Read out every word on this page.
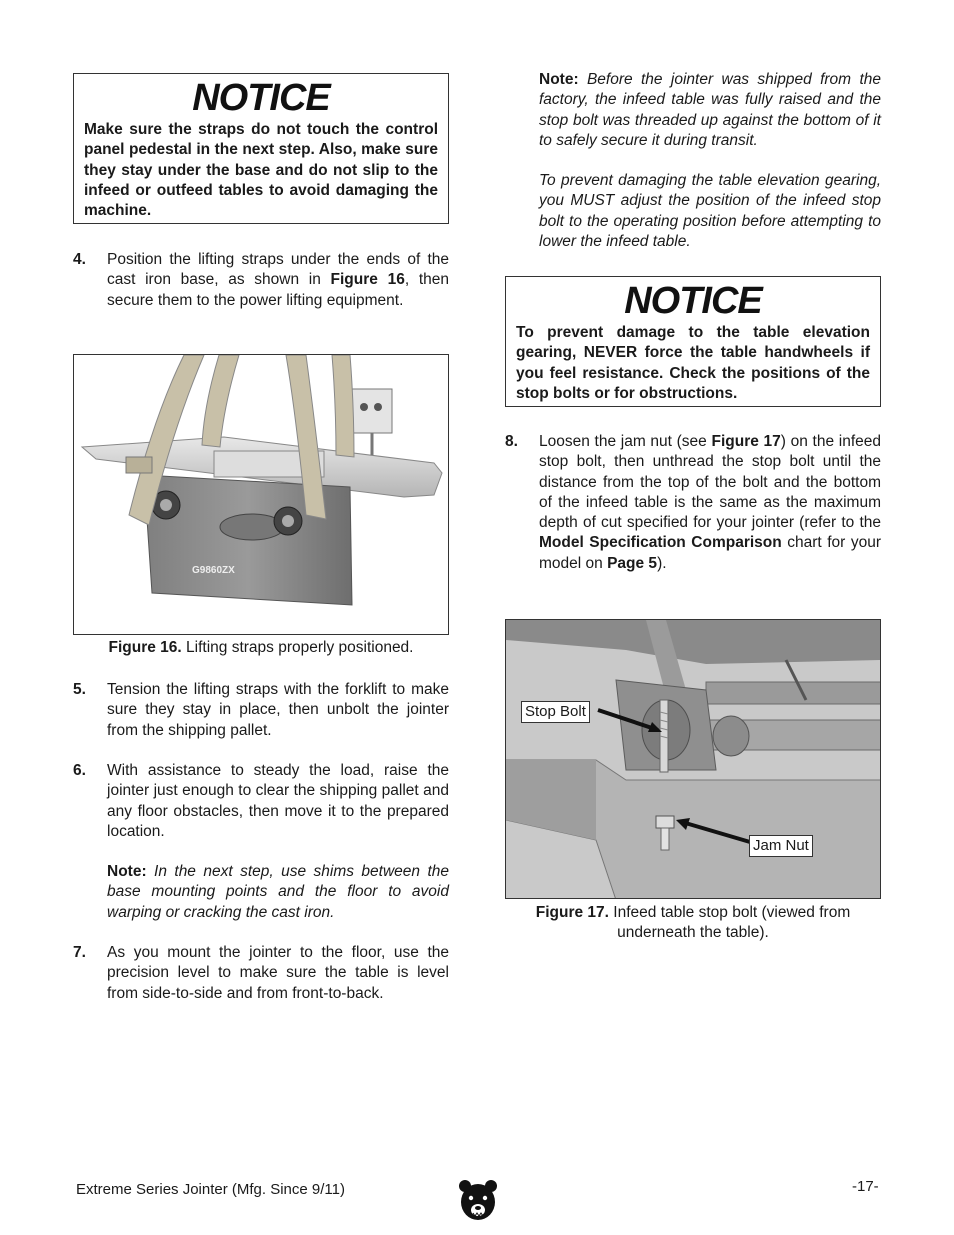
NOTICE

Make sure the straps do not touch the control panel pedestal in the next step. Also, make sure they stay under the base and do not slip to the infeed or outfeed tables to avoid damaging the machine.

4. Position the lifting straps under the ends of the cast iron base, as shown in Figure 16, then secure them to the power lifting equipment.
G9860ZX
Figure 16. Lifting straps properly positioned.
5. Tension the lifting straps with the forklift to make sure they stay in place, then unbolt the jointer from the shipping pallet.
6. With assistance to steady the load, raise the jointer just enough to clear the shipping pallet and any floor obstacles, then move it to the prepared location.
Note: In the next step, use shims between the base mounting points and the floor to avoid warping or cracking the cast iron.
7. As you mount the jointer to the floor, use the precision level to make sure the table is level from side-to-side and from front-to-back.
Note: Before the jointer was shipped from the factory, the infeed table was fully raised and the stop bolt was threaded up against the bottom of it to safely secure it during transit.
To prevent damaging the table elevation gearing, you MUST adjust the position of the infeed stop bolt to the operating position before attempting to lower the infeed table.
NOTICE

To prevent damage to the table elevation gearing, NEVER force the table handwheels if you feel resistance. Check the positions of the stop bolts or for obstructions.

8. Loosen the jam nut (see Figure 17) on the infeed stop bolt, then unthread the stop bolt until the distance from the top of the bolt and the bottom of the infeed table is the same as the maximum depth of cut specified for your jointer (refer to the Model Specification Comparison chart for your model on Page 5).
Stop Bolt
Jam Nut
Figure 17. Infeed table stop bolt (viewed from underneath the table).
Extreme Series Jointer (Mfg. Since 9/11)	-17-
